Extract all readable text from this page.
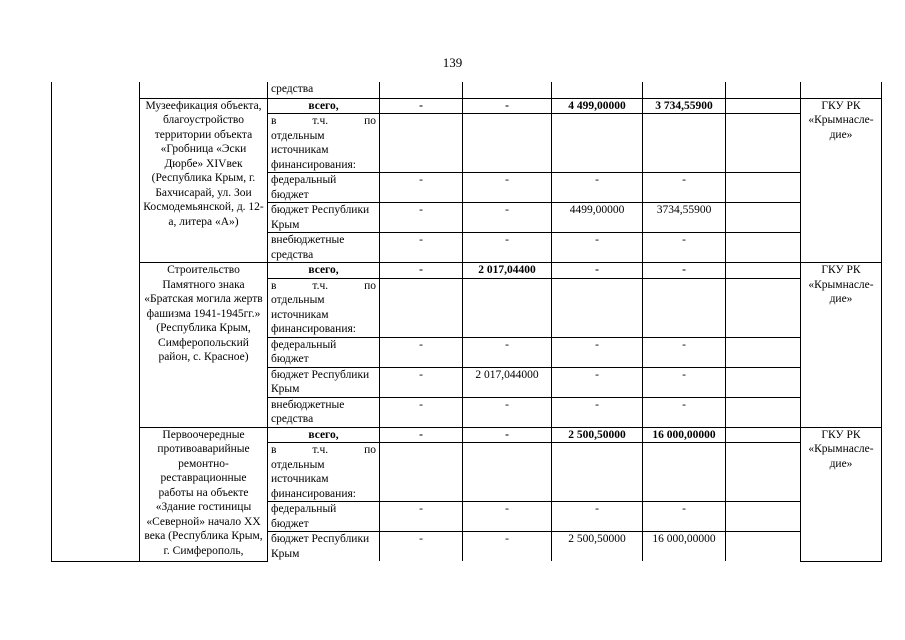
139
		средства						
	Музеефикация объекта, благоустройство территории объекта «Гробница «Эски Дюрбе» XIVвек (Республика Крым, г. Бахчисарай, ул. Зои Космодемьянской, д. 12-а, литера «А»)	всего,	-	-	4 499,00000	3 734,55900		ГКУ РК «Крымнасле-дие»

		в т.ч. по
отдельным источникам финансирования:						

		федеральный бюджет	-	-	-	-		
		бюджет Республики Крым	-	-	4499,00000	3734,55900		
		внебюджетные средства	-	-	-	-		
	Строительство Памятного знака «Братская могила жертв фашизма 1941-1945гг.» (Республика Крым, Симферопольский район, с. Красное)	всего,	-	2 017,04400	-	-		ГКУ РК «Крымнасле-дие»

		в т.ч. по
отдельным источникам финансирования:						

		федеральный бюджет	-	-	-	-		
		бюджет Республики Крым	-	2 017,044000	-	-		
		внебюджетные средства	-	-	-	-		
	Первоочередные противоаварийные ремонтно-реставрационные работы на объекте «Здание гостиницы «Северной» начало XX века (Республика Крым, г. Симферополь,	всего,	-	-	2 500,50000	16 000,00000		ГКУ РК «Крымнасле-дие»

		в т.ч. по
отдельным источникам финансирования:						

		федеральный бюджет	-	-	-	-		
		бюджет Республики Крым	-	-	2 500,50000	16 000,00000		
